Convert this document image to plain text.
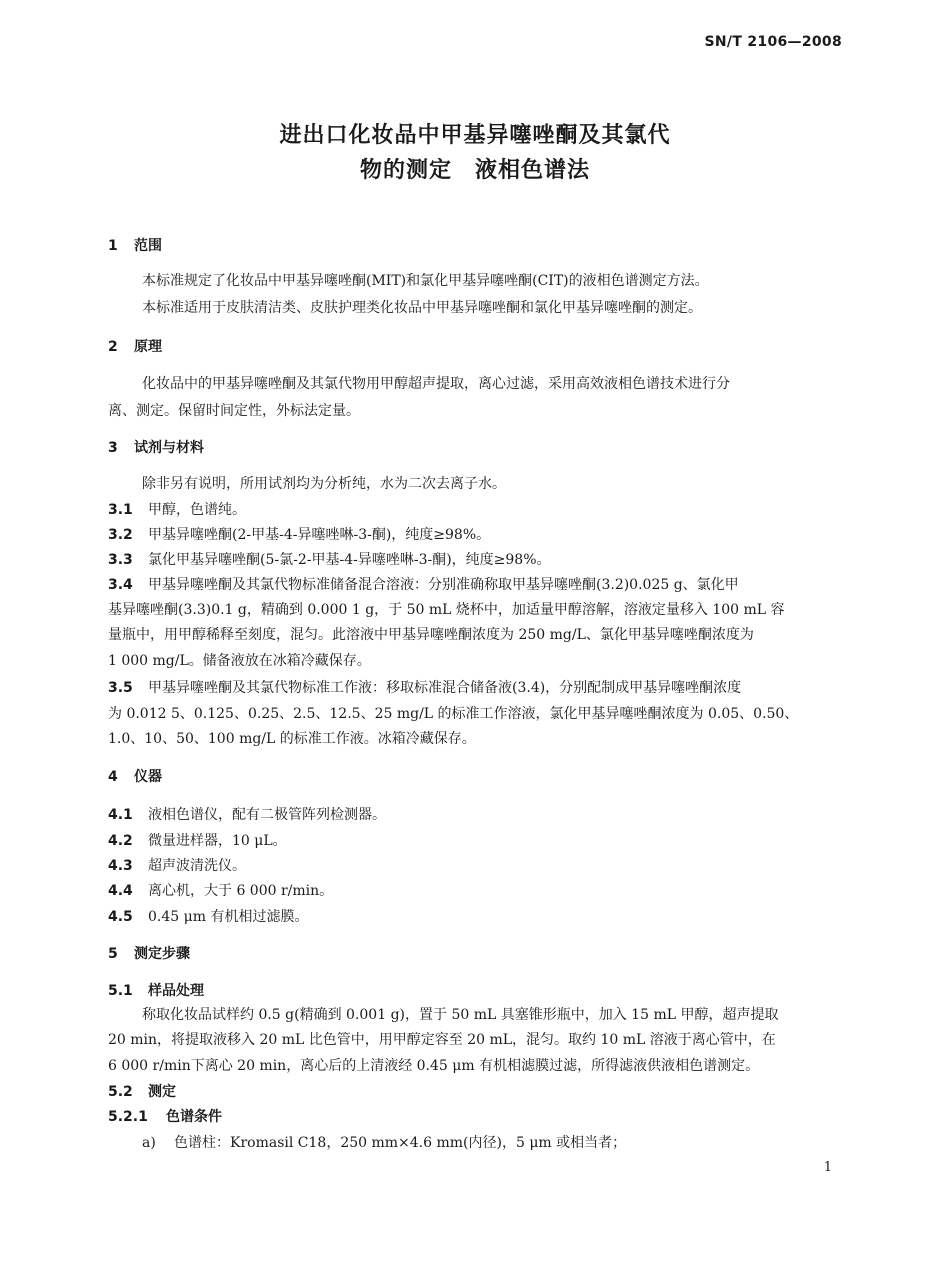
SN/T 2106—2008
进出口化妆品中甲基异噻唑酮及其氯代
物的测定　液相色谱法
1 范围
本标准规定了化妆品中甲基异噻唑酮(MIT)和氯化甲基异噻唑酮(CIT)的液相色谱测定方法。
本标准适用于皮肤清洁类、皮肤护理类化妆品中甲基异噻唑酮和氯化甲基异噻唑酮的测定。
2 原理
化妆品中的甲基异噻唑酮及其氯代物用甲醇超声提取，离心过滤，采用高效液相色谱技术进行分
离、测定。保留时间定性，外标法定量。
3 试剂与材料
除非另有说明，所用试剂均为分析纯，水为二次去离子水。
3.1 甲醇，色谱纯。
3.2 甲基异噻唑酮(2-甲基-4-异噻唑啉-3-酮)，纯度≥98%。
3.3 氯化甲基异噻唑酮(5-氯-2-甲基-4-异噻唑啉-3-酮)，纯度≥98%。
3.4 甲基异噻唑酮及其氯代物标准储备混合溶液：分别准确称取甲基异噻唑酮(3.2)0.025 g、氯化甲
基异噻唑酮(3.3)0.1 g，精确到 0.000 1 g，于 50 mL 烧杯中，加适量甲醇溶解，溶液定量移入 100 mL 容
量瓶中，用甲醇稀释至刻度，混匀。此溶液中甲基异噻唑酮浓度为 250 mg/L、氯化甲基异噻唑酮浓度为
1 000 mg/L。储备液放在冰箱冷藏保存。
3.5 甲基异噻唑酮及其氯代物标准工作液：移取标准混合储备液(3.4)，分别配制成甲基异噻唑酮浓度
为 0.012 5、0.125、0.25、2.5、12.5、25 mg/L 的标准工作溶液，氯化甲基异噻唑酮浓度为 0.05、0.50、
1.0、10、50、100 mg/L 的标准工作液。冰箱冷藏保存。
4 仪器
4.1 液相色谱仪，配有二极管阵列检测器。
4.2 微量进样器，10 μL。
4.3 超声波清洗仪。
4.4 离心机，大于 6 000 r/min。
4.5 0.45 μm 有机相过滤膜。
5 测定步骤
5.1 样品处理
称取化妆品试样约 0.5 g(精确到 0.001 g)，置于 50 mL 具塞锥形瓶中，加入 15 mL 甲醇，超声提取
20 min，将提取液移入 20 mL 比色管中，用甲醇定容至 20 mL，混匀。取约 10 mL 溶液于离心管中，在
6 000 r/min下离心 20 min，离心后的上清液经 0.45 μm 有机相滤膜过滤，所得滤液供液相色谱测定。
5.2 测定
5.2.1 色谱条件
a) 色谱柱：Kromasil C18，250 mm×4.6 mm(内径)，5 μm 或相当者；
1
